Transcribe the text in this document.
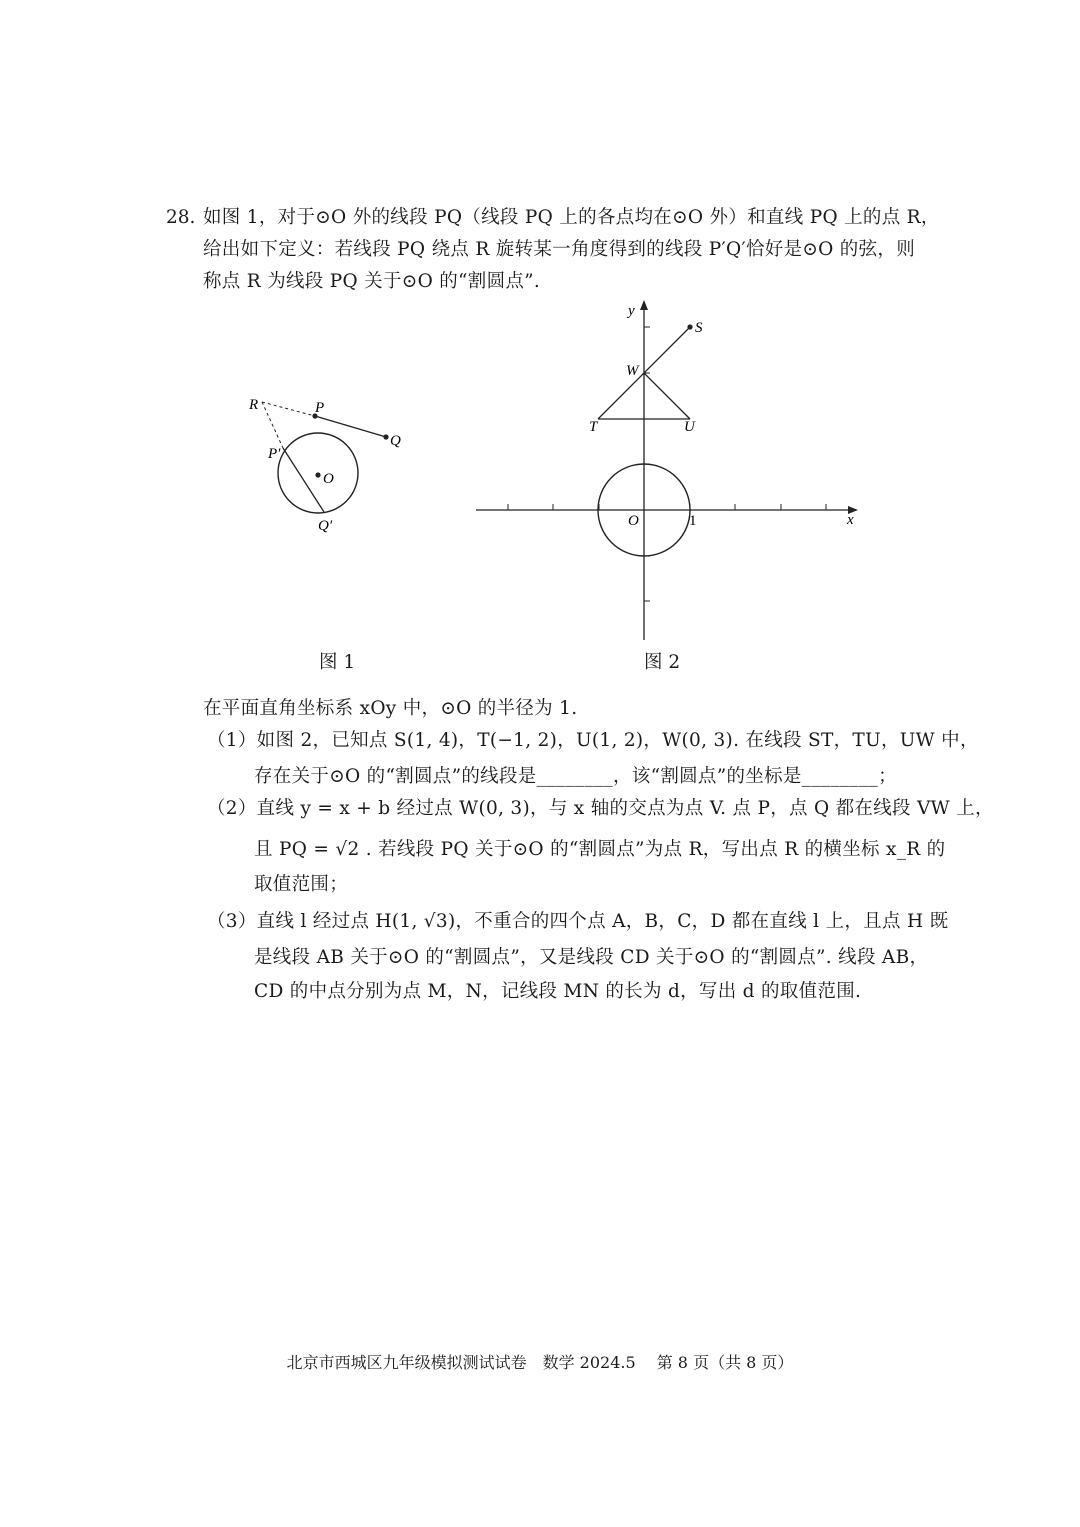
28. 如图 1，对于⊙O 外的线段 PQ（线段 PQ 上的各点均在⊙O 外）和直线 PQ 上的点 R，
给出如下定义：若线段 PQ 绕点 R 旋转某一角度得到的线段 P′Q′恰好是⊙O 的弦，则
称点 R 为线段 PQ 关于⊙O 的“割圆点”.
R	P
Q
P′
O
Q′
图 1
y
S
W
T	U
O	1	x
图 2
在平面直角坐标系 xOy 中，⊙O 的半径为 1.
（1）如图 2，已知点 S(1, 4)，T(−1, 2)，U(1, 2)，W(0, 3). 在线段 ST，TU，UW 中，
存在关于⊙O 的“割圆点”的线段是________，该“割圆点”的坐标是________；
（2）直线 y = x + b 经过点 W(0, 3)，与 x 轴的交点为点 V. 点 P，点 Q 都在线段 VW 上，
且 PQ = √2 . 若线段 PQ 关于⊙O 的“割圆点”为点 R，写出点 R 的横坐标 x_R 的
取值范围；
（3）直线 l 经过点 H(1, √3)，不重合的四个点 A，B，C，D 都在直线 l 上，且点 H 既
是线段 AB 关于⊙O 的“割圆点”，又是线段 CD 关于⊙O 的“割圆点”. 线段 AB，
CD 的中点分别为点 M，N，记线段 MN 的长为 d，写出 d 的取值范围.
北京市西城区九年级模拟测试试卷　数学 2024.5　 第 8 页（共 8 页）
